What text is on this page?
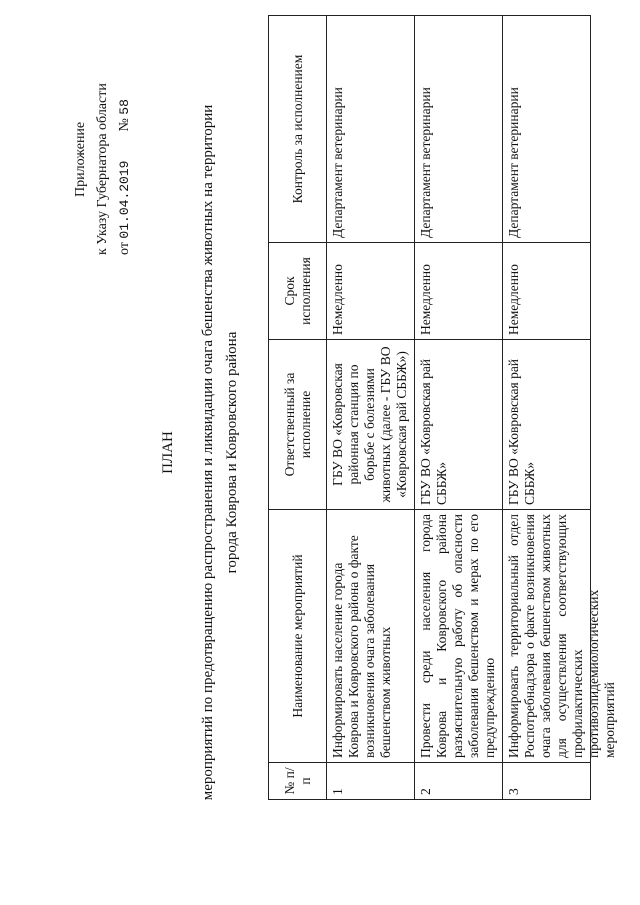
Приложение к Указу Губернатора области от 01.04.2019  № 58
ПЛАН мероприятий по предотвращению распространения и ликвидации очага бешенства животных на территории города Коврова и Ковровского района
№ п/п	Наименование мероприятий	Ответственный за исполнение	Срок исполнения	Контроль за исполнением
1	Информировать население города Коврова и Ковровского района о факте возникновения очага заболевания бешенством животных	ГБУ ВО «Ковровская районная станция по борьбе с болезнями животных (далее - ГБУ ВО «Ковровская рай СББЖ»)	Немедленно	Департамент ветеринарии
2	Провести среди населения города Коврова и Ковровского района разъяснительную работу об опасности заболевания бешенством и мерах по его предупреждению	ГБУ ВО «Ковровская рай СББЖ»	Немедленно	Департамент ветеринарии
3	Информировать территориальный отдел Роспотребнадзора о факте возникновения очага заболевания бешенством животных для осуществления соответствующих профилактических противоэпидемиологических мероприятий	ГБУ ВО «Ковровская рай СББЖ»	Немедленно	Департамент ветеринарии
